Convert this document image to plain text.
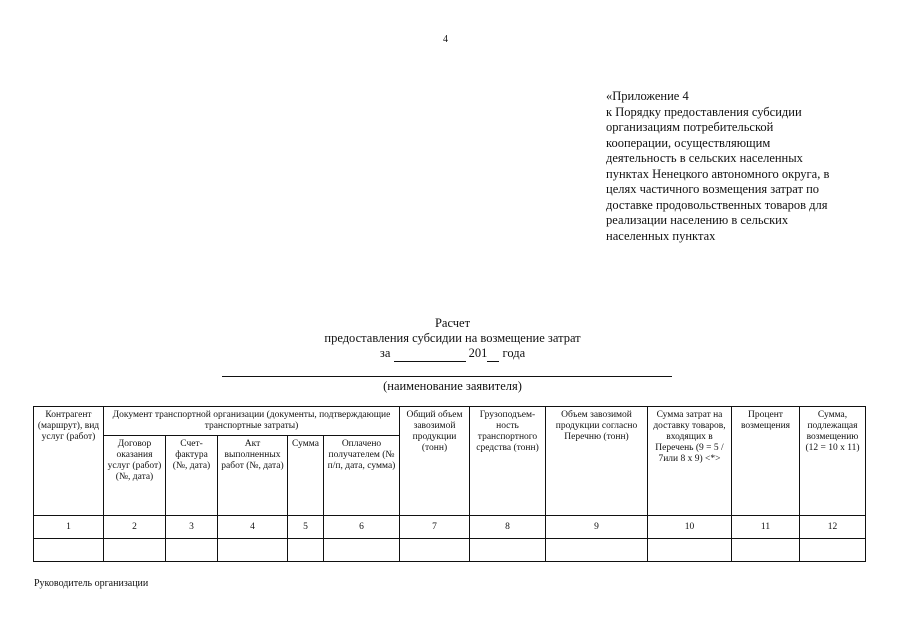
4
«Приложение 4
к Порядку предоставления субсидии
организациям потребительской
кооперации, осуществляющим
деятельность в сельских населенных
пунктах Ненецкого автономного округа, в
целях частичного возмещения затрат по
доставке продовольственных товаров для
реализации населению в сельских
населенных пунктах
Расчет
предоставления субсидии на возмещение затрат
за	201 года
(наименование заявителя)
Контрагент (маршрут), вид услуг (работ)	Документ транспортной организации (документы, подтверждающие транспортные затраты)					Общий объем завозимой продукции (тонн)	Грузоподъем-ность транспортного средства (тонн)	Объем завозимой продукции согласно Перечню (тонн)	Сумма затрат на доставку товаров, входящих в Перечень (9 = 5 / 7или 8 х 9) <*>	Процент возмещения	Сумма, подлежащая возмещению (12 = 10 х 11)
	Договор оказания услуг (работ) (№, дата)	Счет-фактура (№, дата)	Акт выполненных работ (№, дата)	Сумма	Оплачено получателем (№ п/п, дата, сумма)						
1	2	3	4	5	6	7	8	9	10	11	12

Руководитель организации
